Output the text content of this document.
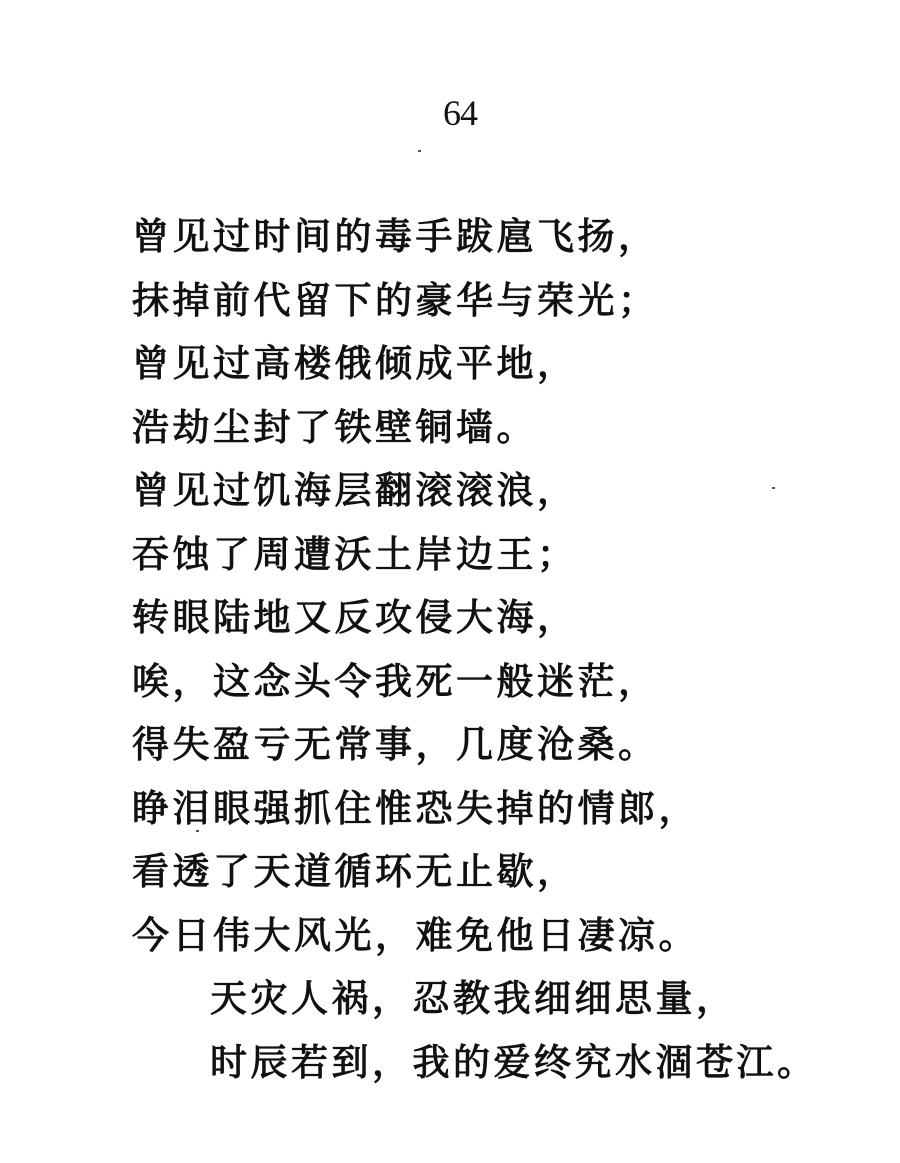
64
曾见过时间的毒手跋扈飞扬，
抹掉前代留下的豪华与荣光；
曾见过高楼俄倾成平地，
浩劫尘封了铁壁铜墙。
曾见过饥海层翻滚滚浪，
吞蚀了周遭沃土岸边王；
转眼陆地又反攻侵大海，
唉，这念头令我死一般迷茫，
得失盈亏无常事，几度沧桑。
睁泪眼强抓住惟恐失掉的情郎，
看透了天道循环无止歇，
今日伟大风光，难免他日凄凉。
天灾人祸，忍教我细细思量，
时辰若到，我的爱终究水涸苍江。
